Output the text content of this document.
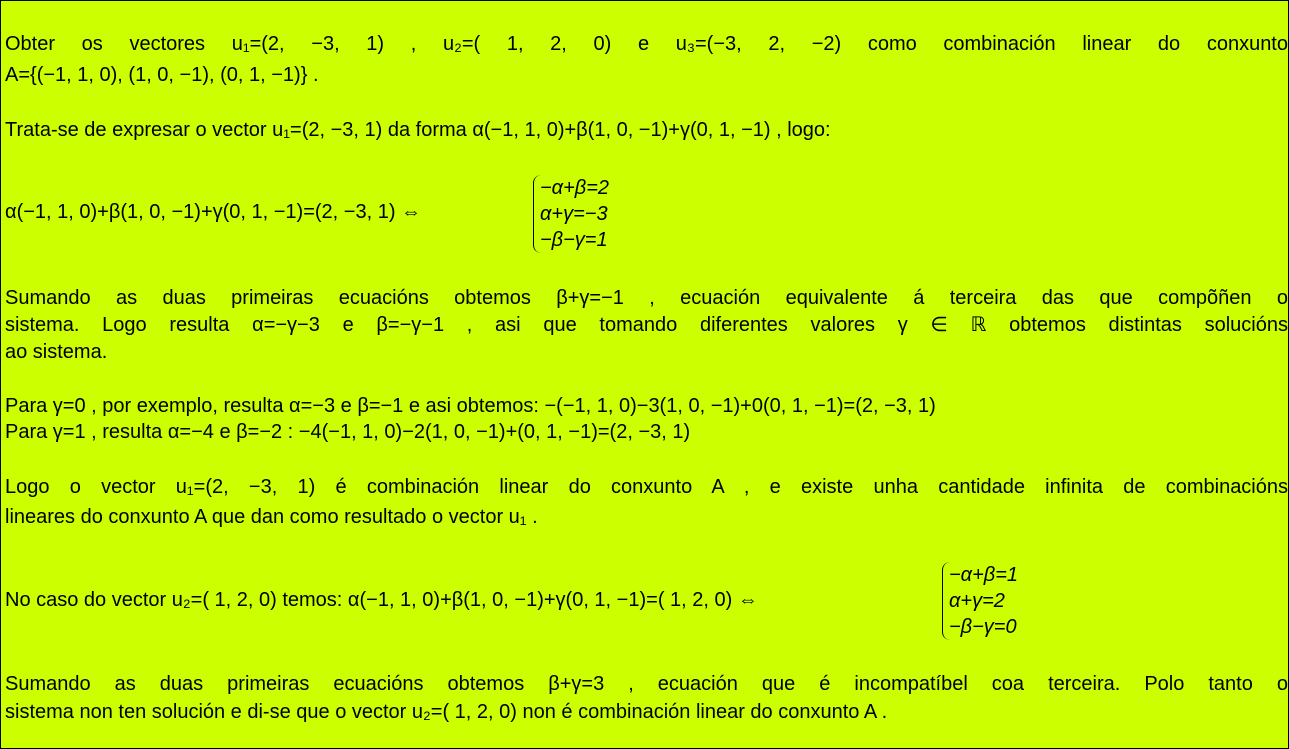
Obter os vectores u₁=(2, −3, 1) , u₂=( 1, 2, 0) e u₃=(−3, 2, −2) como combinación linear do conxunto
A={(−1, 1, 0), (1, 0, −1), (0, 1, −1)} .
Trata-se de expresar o vector u₁=(2, −3, 1) da forma α(−1, 1, 0)+β(1, 0, −1)+γ(0, 1, −1) , logo:
α(−1, 1, 0)+β(1, 0, −1)+γ(0, 1, −1)=(2, −3, 1) ⇔
−α+β=2
α+γ=−3
−β−γ=1
Sumando as duas primeiras ecuacións obtemos β+γ=−1 , ecuación equivalente á terceira das que compõñen o
sistema. Logo resulta α=−γ−3 e β=−γ−1 , asi que tomando diferentes valores γ ∈ ℝ obtemos distintas solucións
ao sistema.
Para γ=0 , por exemplo, resulta α=−3 e β=−1 e asi obtemos: −(−1, 1, 0)−3(1, 0, −1)+0(0, 1, −1)=(2, −3, 1)
Para γ=1 , resulta α=−4 e β=−2 : −4(−1, 1, 0)−2(1, 0, −1)+(0, 1, −1)=(2, −3, 1)
Logo o vector u₁=(2, −3, 1) é combinación linear do conxunto A , e existe unha cantidade infinita de combinacións
lineares do conxunto A que dan como resultado o vector u₁ .
No caso do vector u₂=( 1, 2, 0) temos: α(−1, 1, 0)+β(1, 0, −1)+γ(0, 1, −1)=( 1, 2, 0) ⇔
−α+β=1
α+γ=2
−β−γ=0
Sumando as duas primeiras ecuacións obtemos β+γ=3 , ecuación que é incompatíbel coa terceira. Polo tanto o
sistema non ten solución e di-se que o vector u₂=( 1, 2, 0) non é combinación linear do conxunto A .
